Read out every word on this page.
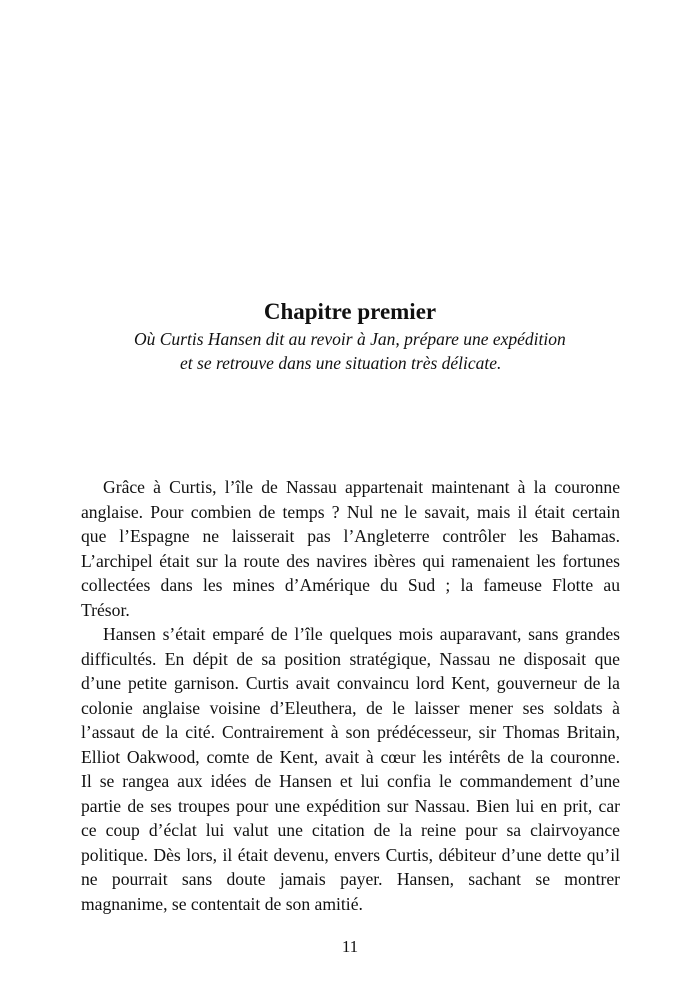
Chapitre premier
Où Curtis Hansen dit au revoir à Jan, prépare une expédition
et se retrouve dans une situation très délicate.
Grâce à Curtis, l’île de Nassau appartenait maintenant à la couronne
anglaise. Pour combien de temps ? Nul ne le savait, mais il était certain
que l’Espagne ne laisserait pas l’Angleterre contrôler les Bahamas.
L’archipel était sur la route des navires ibères qui ramenaient les fortunes
collectées dans les mines d’Amérique du Sud ; la fameuse Flotte au
Trésor.
Hansen s’était emparé de l’île quelques mois auparavant, sans grandes
difficultés. En dépit de sa position stratégique, Nassau ne disposait que
d’une petite garnison. Curtis avait convaincu lord Kent, gouverneur de la
colonie anglaise voisine d’Eleuthera, de le laisser mener ses soldats à
l’assaut de la cité. Contrairement à son prédécesseur, sir Thomas Britain,
Elliot Oakwood, comte de Kent, avait à cœur les intérêts de la couronne.
Il se rangea aux idées de Hansen et lui confia le commandement d’une
partie de ses troupes pour une expédition sur Nassau. Bien lui en prit, car
ce coup d’éclat lui valut une citation de la reine pour sa clairvoyance
politique. Dès lors, il était devenu, envers Curtis, débiteur d’une dette qu’il
ne pourrait sans doute jamais payer. Hansen, sachant se montrer
magnanime, se contentait de son amitié.
11
